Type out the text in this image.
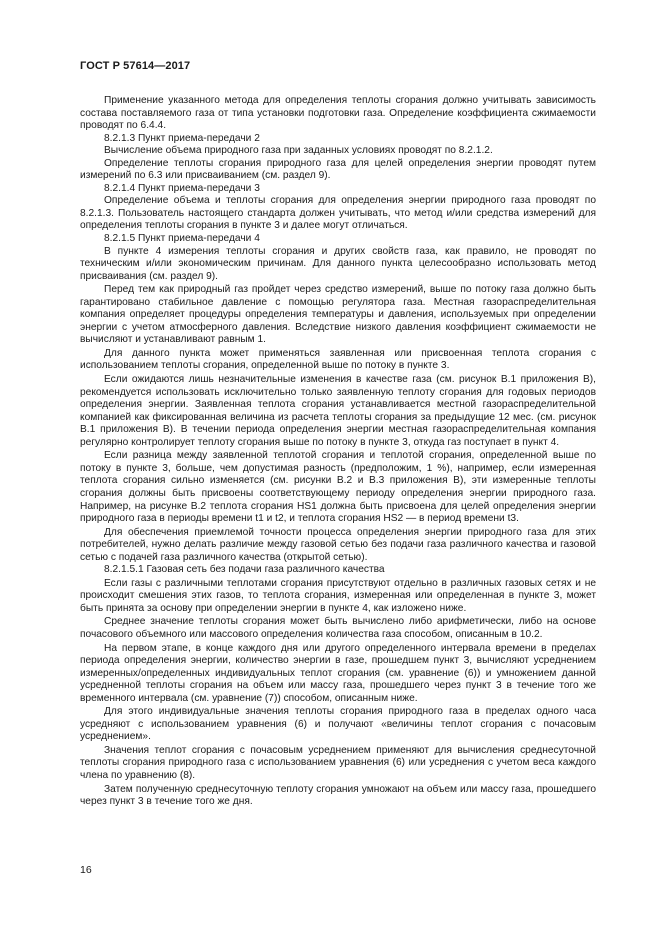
ГОСТ Р 57614—2017

Применение указанного метода для определения теплоты сгорания должно учитывать зависимость состава поставляемого газа от типа установки подготовки газа. Определение коэффициента сжимаемости проводят по 6.4.4.

8.2.1.3 Пункт приема-передачи 2

Вычисление объема природного газа при заданных условиях проводят по 8.2.1.2.

Определение теплоты сгорания природного газа для целей определения энергии проводят путем измерений по 6.3 или присваиванием (см. раздел 9).

8.2.1.4 Пункт приема-передачи 3

Определение объема и теплоты сгорания для определения энергии природного газа проводят по 8.2.1.3. Пользователь настоящего стандарта должен учитывать, что метод и/или средства измерений для определения теплоты сгорания в пункте 3 и далее могут отличаться.

8.2.1.5 Пункт приема-передачи 4

В пункте 4 измерения теплоты сгорания и других свойств газа, как правило, не проводят по техническим и/или экономическим причинам. Для данного пункта целесообразно использовать метод присваивания (см. раздел 9).

Перед тем как природный газ пройдет через средство измерений, выше по потоку газа должно быть гарантировано стабильное давление с помощью регулятора газа. Местная газораспределительная компания определяет процедуры определения температуры и давления, используемых при определении энергии с учетом атмосферного давления. Вследствие низкого давления коэффициент сжимаемости не вычисляют и устанавливают равным 1.

Для данного пункта может применяться заявленная или присвоенная теплота сгорания с использованием теплоты сгорания, определенной выше по потоку в пункте 3.

Если ожидаются лишь незначительные изменения в качестве газа (см. рисунок В.1 приложения В), рекомендуется использовать исключительно только заявленную теплоту сгорания для годовых периодов определения энергии. Заявленная теплота сгорания устанавливается местной газораспределительной компанией как фиксированная величина из расчета теплоты сгорания за предыдущие 12 мес. (см. рисунок В.1 приложения В). В течении периода определения энергии местная газораспределительная компания регулярно контролирует теплоту сгорания выше по потоку в пункте 3, откуда газ поступает в пункт 4.

Если разница между заявленной теплотой сгорания и теплотой сгорания, определенной выше по потоку в пункте 3, больше, чем допустимая разность (предположим, 1 %), например, если измеренная теплота сгорания сильно изменяется (см. рисунки В.2 и В.3 приложения В), эти измеренные теплоты сгорания должны быть присвоены соответствующему периоду определения энергии природного газа. Например, на рисунке В.2 теплота сгорания HS1 должна быть присвоена для целей определения энергии природного газа в периоды времени t1 и t2, и теплота сгорания HS2 — в период времени t3.

Для обеспечения приемлемой точности процесса определения энергии природного газа для этих потребителей, нужно делать различие между газовой сетью без подачи газа различного качества и газовой сетью с подачей газа различного качества (открытой сетью).

8.2.1.5.1 Газовая сеть без подачи газа различного качества

Если газы с различными теплотами сгорания присутствуют отдельно в различных газовых сетях и не происходит смешения этих газов, то теплота сгорания, измеренная или определенная в пункте 3, может быть принята за основу при определении энергии в пункте 4, как изложено ниже.

Среднее значение теплоты сгорания может быть вычислено либо арифметически, либо на основе почасового объемного или массового определения количества газа способом, описанным в 10.2.

На первом этапе, в конце каждого дня или другого определенного интервала времени в пределах периода определения энергии, количество энергии в газе, прошедшем пункт 3, вычисляют усреднением измеренных/определенных индивидуальных теплот сгорания (см. уравнение (6)) и умножением данной усредненной теплоты сгорания на объем или массу газа, прошедшего через пункт 3 в течение того же временного интервала (см. уравнение (7)) способом, описанным ниже.

Для этого индивидуальные значения теплоты сгорания природного газа в пределах одного часа усредняют с использованием уравнения (6) и получают «величины теплот сгорания с почасовым усреднением».

Значения теплот сгорания с почасовым усреднением применяют для вычисления среднесуточной теплоты сгорания природного газа с использованием уравнения (6) или усреднения с учетом веса каждого члена по уравнению (8).

Затем полученную среднесуточную теплоту сгорания умножают на объем или массу газа, прошедшего через пункт 3 в течение того же дня.

16
